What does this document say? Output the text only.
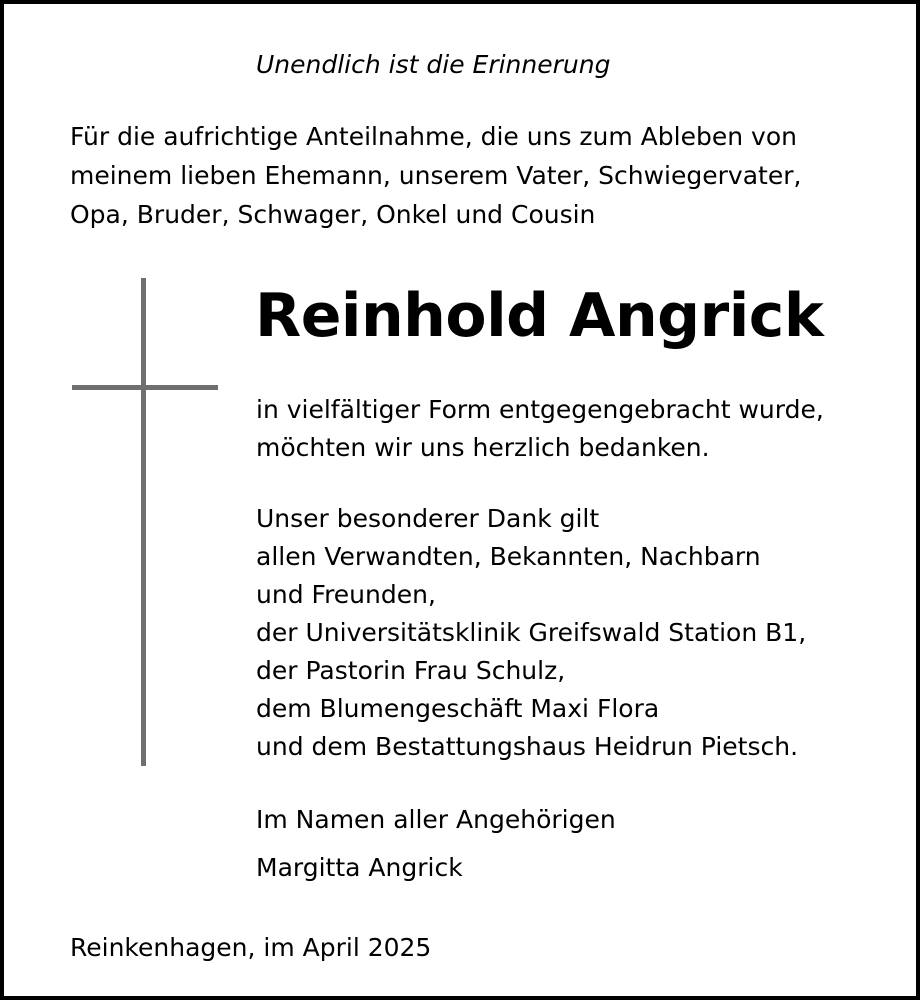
Unendlich ist die Erinnerung
Für die aufrichtige Anteilnahme, die uns zum Ableben von
meinem lieben Ehemann, unserem Vater, Schwiegervater,
Opa, Bruder, Schwager, Onkel und Cousin
Reinhold Angrick
in vielfältiger Form entgegengebracht wurde,
möchten wir uns herzlich bedanken.
Unser besonderer Dank gilt
allen Verwandten, Bekannten, Nachbarn
und Freunden,
der Universitätsklinik Greifswald Station B1,
der Pastorin Frau Schulz,
dem Blumengeschäft Maxi Flora
und dem Bestattungshaus Heidrun Pietsch.
Im Namen aller Angehörigen
Margitta Angrick
Reinkenhagen, im April 2025
